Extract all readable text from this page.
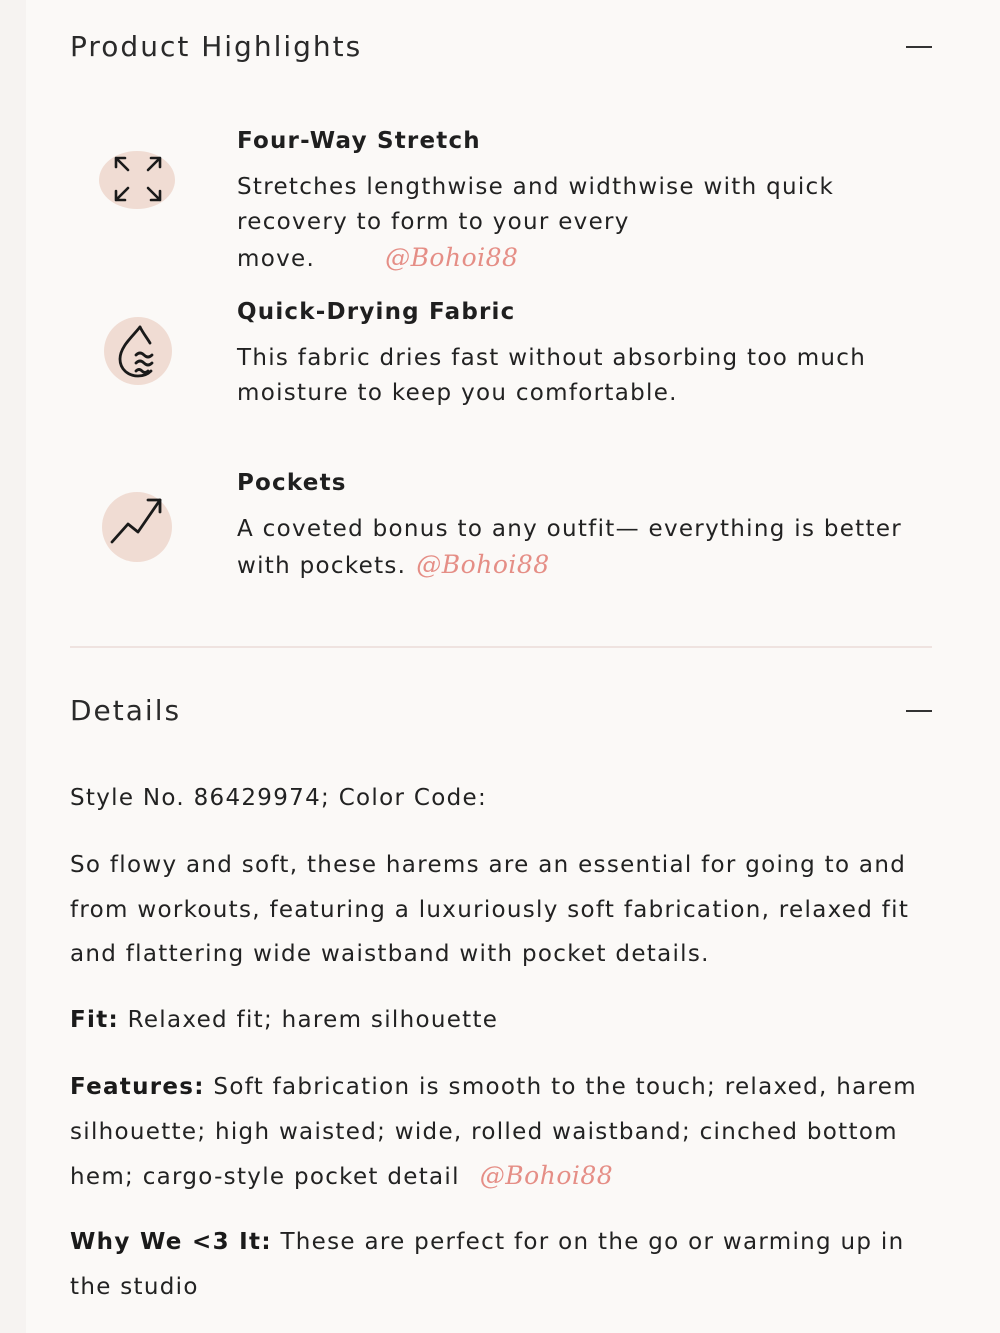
Product Highlights
Four-Way Stretch
Stretches lengthwise and widthwise with quick recovery to form to your every move.	@Bohoi88
Quick-Drying Fabric
This fabric dries fast without absorbing too much moisture to keep you comfortable.
Pockets
A coveted bonus to any outfit— everything is better with pockets. @Bohoi88
Details

Style No. 86429974; Color Code:

So flowy and soft, these harems are an essential for going to and from workouts, featuring a luxuriously soft fabrication, relaxed fit and flattering wide waistband with pocket details.

Fit: Relaxed fit; harem silhouette

Features: Soft fabrication is smooth to the touch; relaxed, harem silhouette; high waisted; wide, rolled waistband; cinched bottom hem; cargo-style pocket detail @Bohoi88

Why We <3 It: These are perfect for on the go or warming up in the studio
